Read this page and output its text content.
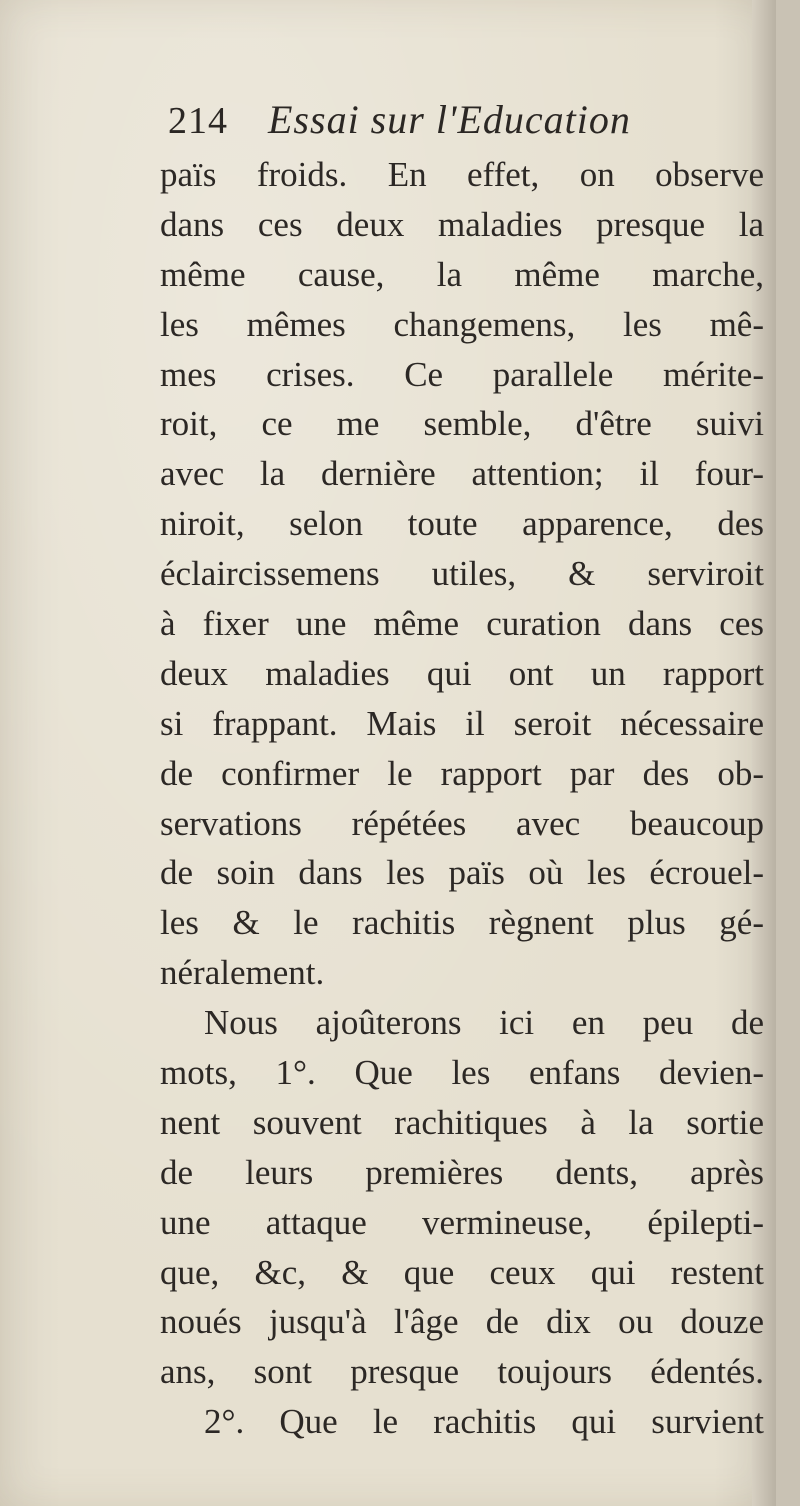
214 Essai sur l'Education
païs froids. En effet, on observe
dans ces deux maladies presque la
même cause, la même marche,
les mêmes changemens, les mê-
mes crises. Ce parallele mérite-
roit, ce me semble, d'être suivi
avec la dernière attention; il four-
niroit, selon toute apparence, des
éclaircissemens utiles, & serviroit
à fixer une même curation dans ces
deux maladies qui ont un rapport
si frappant. Mais il seroit nécessaire
de confirmer le rapport par des ob-
servations répétées avec beaucoup
de soin dans les païs où les écrouel-
les & le rachitis règnent plus gé-
néralement.
Nous ajoûterons ici en peu de
mots, 1°. Que les enfans devien-
nent souvent rachitiques à la sortie
de leurs premières dents, après
une attaque vermineuse, épilepti-
que, &c, & que ceux qui restent
noués jusqu'à l'âge de dix ou douze
ans, sont presque toujours édentés.
2°. Que le rachitis qui survient
